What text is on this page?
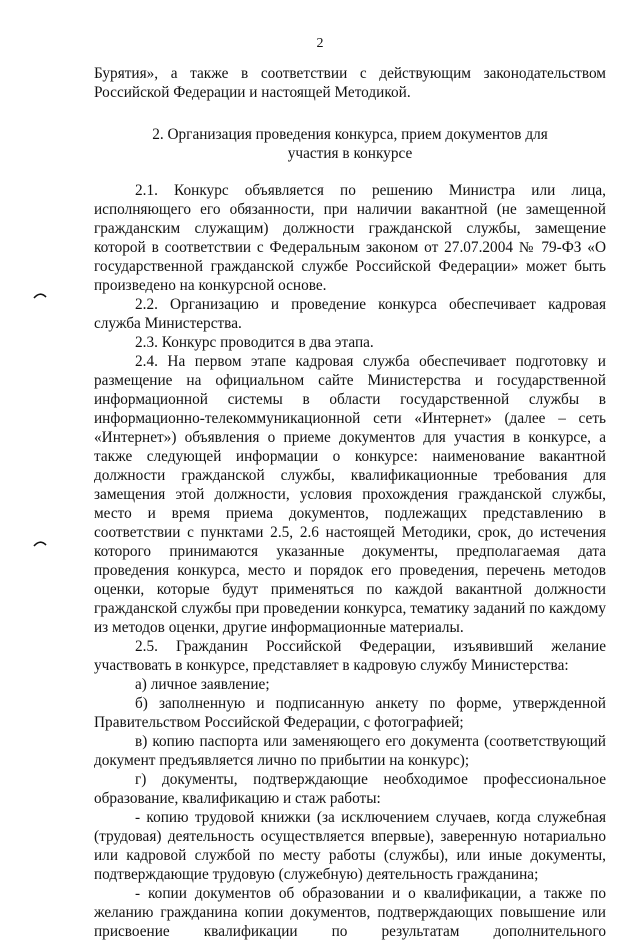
2

Бурятия», а также в соответствии с действующим законодательством Российской Федерации и настоящей Методикой.

2. Организация проведения конкурса, прием документов для участия в конкурсе

2.1. Конкурс объявляется по решению Министра или лица, исполняющего его обязанности, при наличии вакантной (не замещенной гражданским служащим) должности гражданской службы, замещение которой в соответствии с Федеральным законом от 27.07.2004 № 79-ФЗ «О государственной гражданской службе Российской Федерации» может быть произведено на конкурсной основе.

2.2. Организацию и проведение конкурса обеспечивает кадровая служба Министерства.

2.3. Конкурс проводится в два этапа.

2.4. На первом этапе кадровая служба обеспечивает подготовку и размещение на официальном сайте Министерства и государственной информационной системы в области государственной службы в информационно-телекоммуникационной сети «Интернет» (далее – сеть «Интернет») объявления о приеме документов для участия в конкурсе, а также следующей информации о конкурсе: наименование вакантной должности гражданской службы, квалификационные требования для замещения этой должности, условия прохождения гражданской службы, место и время приема документов, подлежащих представлению в соответствии с пунктами 2.5, 2.6 настоящей Методики, срок, до истечения которого принимаются указанные документы, предполагаемая дата проведения конкурса, место и порядок его проведения, перечень методов оценки, которые будут применяться по каждой вакантной должности гражданской службы при проведении конкурса, тематику заданий по каждому из методов оценки, другие информационные материалы.

2.5. Гражданин Российской Федерации, изъявивший желание участвовать в конкурсе, представляет в кадровую службу Министерства:

а) личное заявление;

б) заполненную и подписанную анкету по форме, утвержденной Правительством Российской Федерации, с фотографией;

в) копию паспорта или заменяющего его документа (соответствующий документ предъявляется лично по прибытии на конкурс);

г) документы, подтверждающие необходимое профессиональное образование, квалификацию и стаж работы:

- копию трудовой книжки (за исключением случаев, когда служебная (трудовая) деятельность осуществляется впервые), заверенную нотариально или кадровой службой по месту работы (службы), или иные документы, подтверждающие трудовую (служебную) деятельность гражданина;

- копии документов об образовании и о квалификации, а также по желанию гражданина копии документов, подтверждающих повышение или присвоение квалификации по результатам дополнительного
